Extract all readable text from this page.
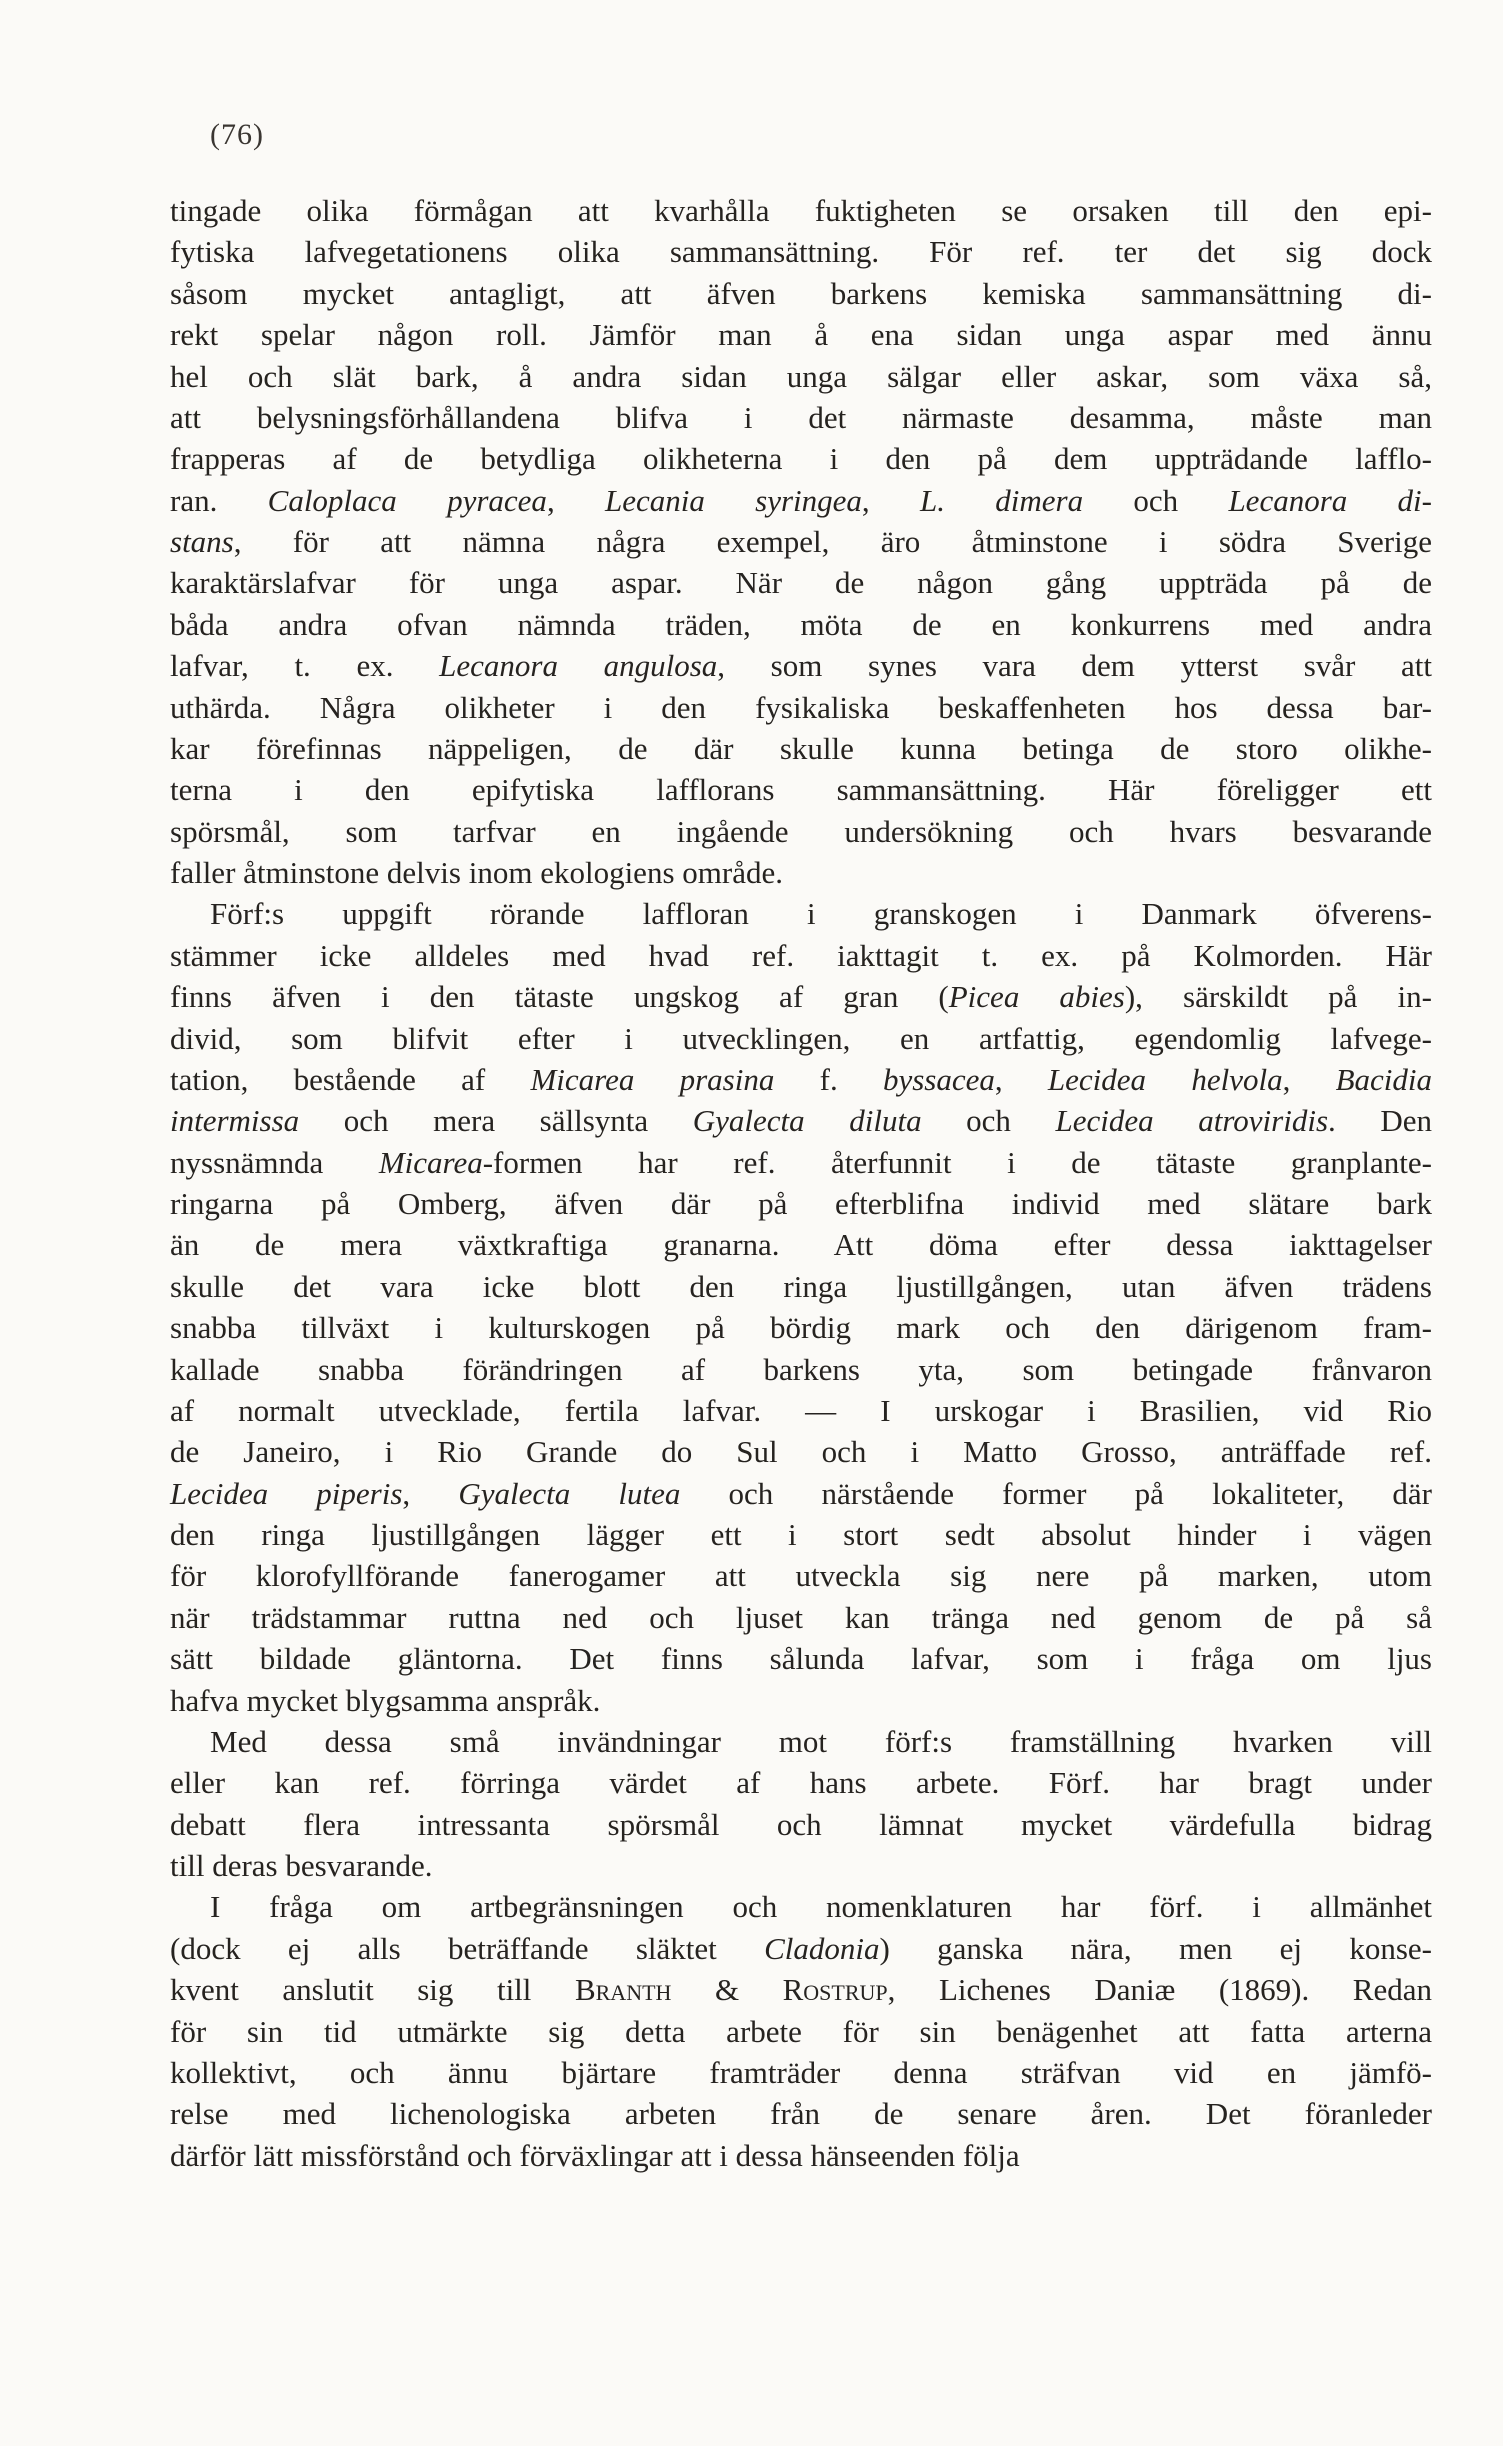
(76)
tingade olika förmågan att kvarhålla fuktigheten se orsaken till den epi-
fytiska lafvegetationens olika sammansättning. För ref. ter det sig dock
såsom mycket antagligt, att äfven barkens kemiska sammansättning di-
rekt spelar någon roll. Jämför man å ena sidan unga aspar med ännu
hel och slät bark, å andra sidan unga sälgar eller askar, som växa så,
att belysningsförhållandena blifva i det närmaste desamma, måste man
frapperas af de betydliga olikheterna i den på dem uppträdande lafflo-
ran. Caloplaca pyracea, Lecania syringea, L. dimera och Lecanora di-
stans, för att nämna några exempel, äro åtminstone i södra Sverige
karaktärslafvar för unga aspar. När de någon gång uppträda på de
båda andra ofvan nämnda träden, möta de en konkurrens med andra
lafvar, t. ex. Lecanora angulosa, som synes vara dem ytterst svår att
uthärda. Några olikheter i den fysikaliska beskaffenheten hos dessa bar-
kar förefinnas näppeligen, de där skulle kunna betinga de storo olikhe-
terna i den epifytiska lafflorans sammansättning. Här föreligger ett
spörsmål, som tarfvar en ingående undersökning och hvars besvarande
faller åtminstone delvis inom ekologiens område.
Förf:s uppgift rörande laffloran i granskogen i Danmark öfverens-
stämmer icke alldeles med hvad ref. iakttagit t. ex. på Kolmorden. Här
finns äfven i den tätaste ungskog af gran (Picea abies), särskildt på in-
divid, som blifvit efter i utvecklingen, en artfattig, egendomlig lafvege-
tation, bestående af Micarea prasina f. byssacea, Lecidea helvola, Bacidia
intermissa och mera sällsynta Gyalecta diluta och Lecidea atroviridis. Den
nyssnämnda Micarea-formen har ref. återfunnit i de tätaste granplante-
ringarna på Omberg, äfven där på efterblifna individ med slätare bark
än de mera växtkraftiga granarna. Att döma efter dessa iakttagelser
skulle det vara icke blott den ringa ljustillgången, utan äfven trädens
snabba tillväxt i kulturskogen på bördig mark och den därigenom fram-
kallade snabba förändringen af barkens yta, som betingade frånvaron
af normalt utvecklade, fertila lafvar. — I urskogar i Brasilien, vid Rio
de Janeiro, i Rio Grande do Sul och i Matto Grosso, anträffade ref.
Lecidea piperis, Gyalecta lutea och närstående former på lokaliteter, där
den ringa ljustillgången lägger ett i stort sedt absolut hinder i vägen
för klorofyllförande fanerogamer att utveckla sig nere på marken, utom
när trädstammar ruttna ned och ljuset kan tränga ned genom de på så
sätt bildade gläntorna. Det finns sålunda lafvar, som i fråga om ljus
hafva mycket blygsamma anspråk.
Med dessa små invändningar mot förf:s framställning hvarken vill
eller kan ref. förringa värdet af hans arbete. Förf. har bragt under
debatt flera intressanta spörsmål och lämnat mycket värdefulla bidrag
till deras besvarande.
I fråga om artbegränsningen och nomenklaturen har förf. i allmänhet
(dock ej alls beträffande släktet Cladonia) ganska nära, men ej konse-
kvent anslutit sig till Branth & Rostrup, Lichenes Daniæ (1869). Redan
för sin tid utmärkte sig detta arbete för sin benägenhet att fatta arterna
kollektivt, och ännu bjärtare framträder denna sträfvan vid en jämfö-
relse med lichenologiska arbeten från de senare åren. Det föranleder
därför lätt missförstånd och förväxlingar att i dessa hänseenden följa
